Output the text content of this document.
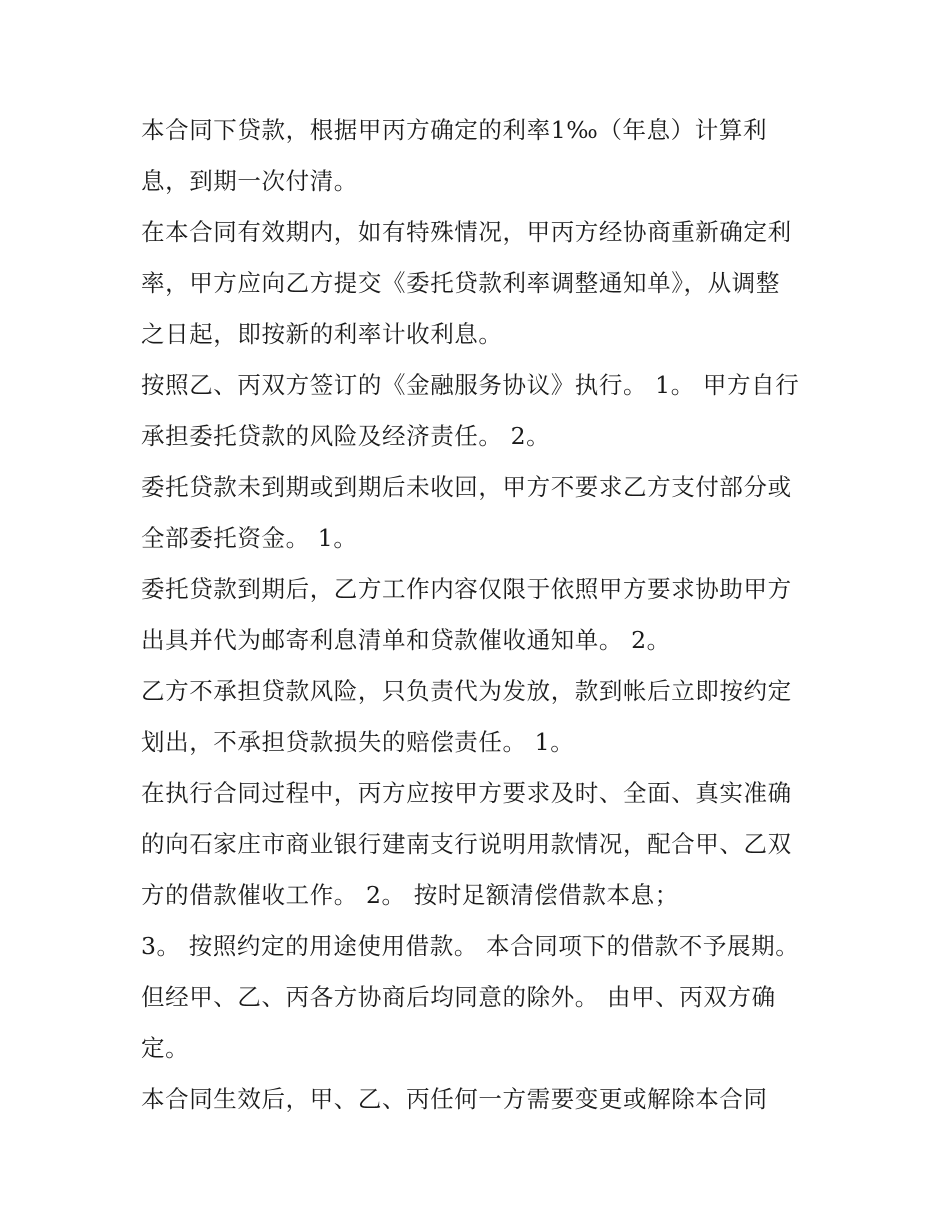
本合同下贷款，根据甲丙方确定的利率1‰（年息）计算利
息，到期一次付清。
在本合同有效期内，如有特殊情况，甲丙方经协商重新确定利
率，甲方应向乙方提交《委托贷款利率调整通知单》，从调整
之日起，即按新的利率计收利息。
按照乙、丙双方签订的《金融服务协议》执行。 1。 甲方自行
承担委托贷款的风险及经济责任。 2。
委托贷款未到期或到期后未收回，甲方不要求乙方支付部分或
全部委托资金。 1。
委托贷款到期后，乙方工作内容仅限于依照甲方要求协助甲方
出具并代为邮寄利息清单和贷款催收通知单。 2。
乙方不承担贷款风险，只负责代为发放，款到帐后立即按约定
划出，不承担贷款损失的赔偿责任。 1。
在执行合同过程中，丙方应按甲方要求及时、全面、真实准确
的向石家庄市商业银行建南支行说明用款情况，配合甲、乙双
方的借款催收工作。 2。 按时足额清偿借款本息；
3。 按照约定的用途使用借款。 本合同项下的借款不予展期。
但经甲、乙、丙各方协商后均同意的除外。 由甲、丙双方确
定。
本合同生效后，甲、乙、丙任何一方需要变更或解除本合同
